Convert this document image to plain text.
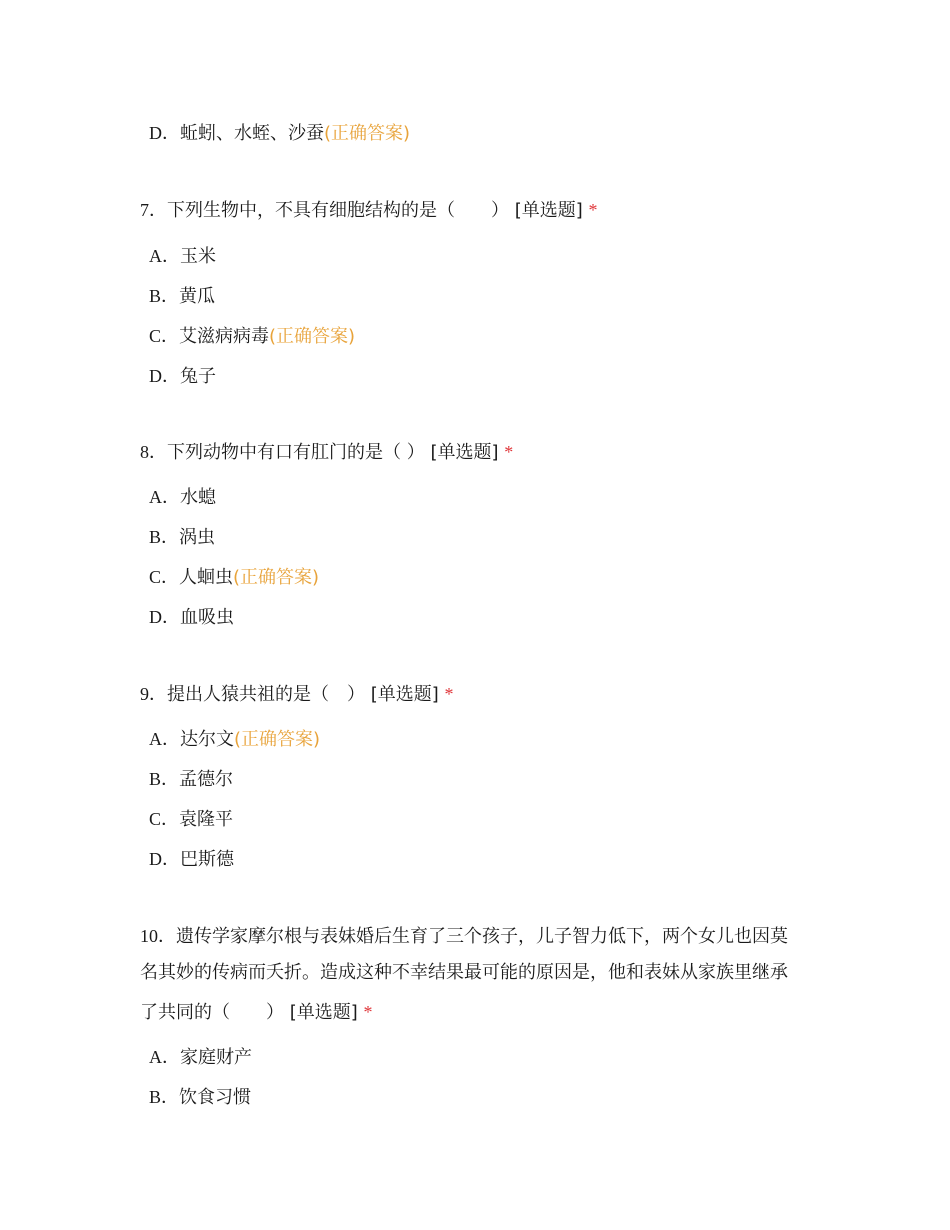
D．蚯蚓、水蛭、沙蚕(正确答案)
7．下列生物中，不具有细胞结构的是（　　） [单选题] *
A．玉米
B．黄瓜
C．艾滋病病毒(正确答案)
D．兔子
8．下列动物中有口有肛门的是（ ） [单选题] *
A．水螅
B．涡虫
C．人蛔虫(正确答案)
D．血吸虫
9．提出人猿共祖的是（　） [单选题] *
A．达尔文(正确答案)
B．孟德尔
C．袁隆平
D．巴斯德
10．遗传学家摩尔根与表妹婚后生育了三个孩子，儿子智力低下，两个女儿也因莫
名其妙的传病而夭折。造成这种不幸结果最可能的原因是，他和表妹从家族里继承
了共同的（　　） [单选题] *
A．家庭财产
B．饮食习惯
